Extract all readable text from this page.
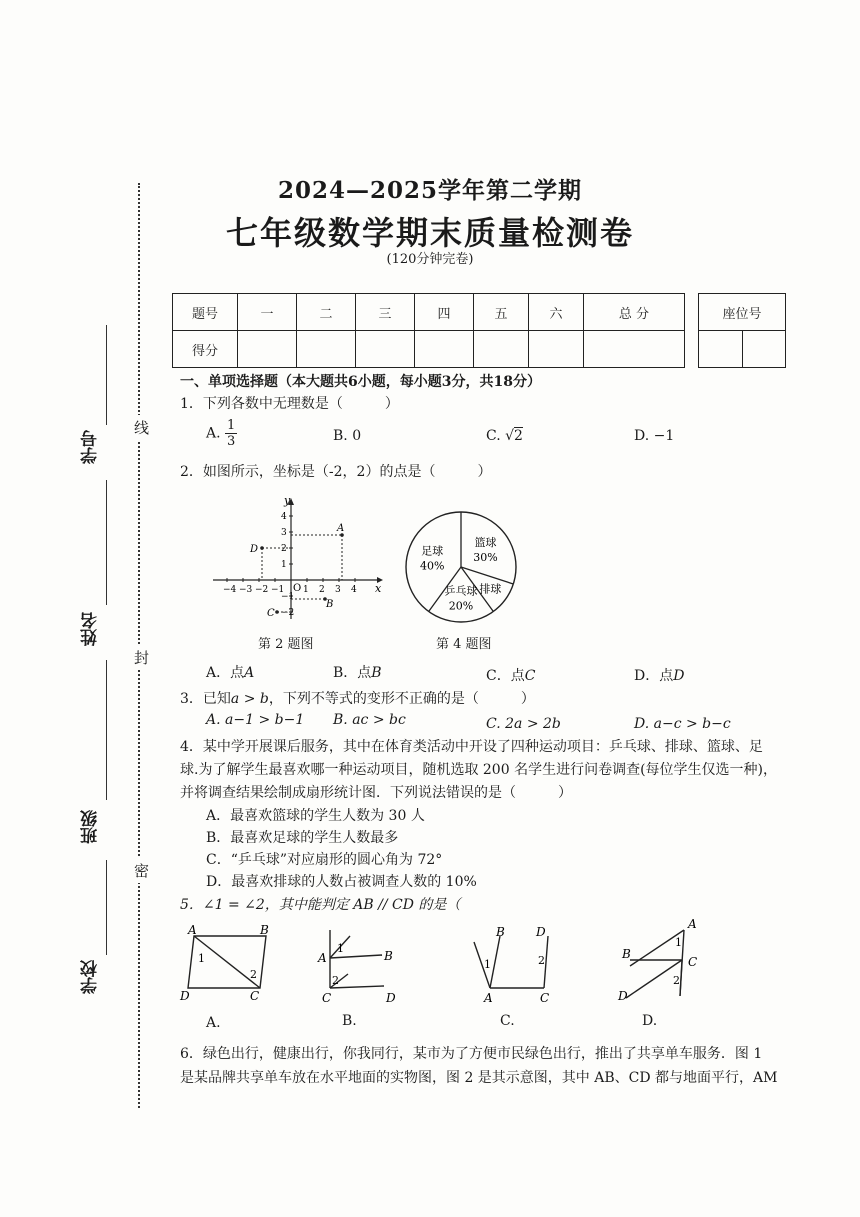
学号
姓名
班级
学校
线
封
密
2024—2025学年第二学期
七年级数学期末质量检测卷
(120分钟完卷)
题号	一	二	三	四	五	六	总 分
得分							
座位号

一、单项选择题（本大题共6小题，每小题3分，共18分）
1．下列各数中无理数是（　　　）
A. $\frac{1}{3}$	B. 0	C. √2	D. −1
2．如图所示，坐标是（-2，2）的点是（　　　）
x
y
O
−4 −3 −2 −1 1 2 3 4
4
3
2
1
−1
−2
A
D
B
C
篮球
30%
排球
乒乓球
20%
足球
40%
第 2 题图	第 4 题图
A．点A	B．点B	C．点C	D．点D
3．已知a > b，下列不等式的变形不正确的是（　　　）
A. a−1 > b−1 B. ac > bc	C. 2a > 2b	D. a−c > b−c
4．某中学开展课后服务，其中在体育类活动中开设了四种运动项目：乒乓球、排球、篮球、足
球.为了解学生最喜欢哪一种运动项目，随机选取 200 名学生进行问卷调查(每位学生仅选一种)，
并将调查结果绘制成扇形统计图．下列说法错误的是（　　　）
A．最喜欢篮球的学生人数为 30 人
B．最喜欢足球的学生人数最多
C．“乒乓球”对应扇形的圆心角为 72°
D．最喜欢排球的人数占被调查人数的 10%
5．∠1 = ∠2，其中能判定 AB // CD 的是（
A	B
D	C
1
2
A	B
C	D
1
2
B	D
A	C
1	2
A
B
C
D
1
2
A.	B.	C.	D.
6．绿色出行，健康出行，你我同行，某市为了方便市民绿色出行，推出了共享单车服务．图 1
是某品牌共享单车放在水平地面的实物图，图 2 是其示意图，其中 AB、CD 都与地面平行，AM
